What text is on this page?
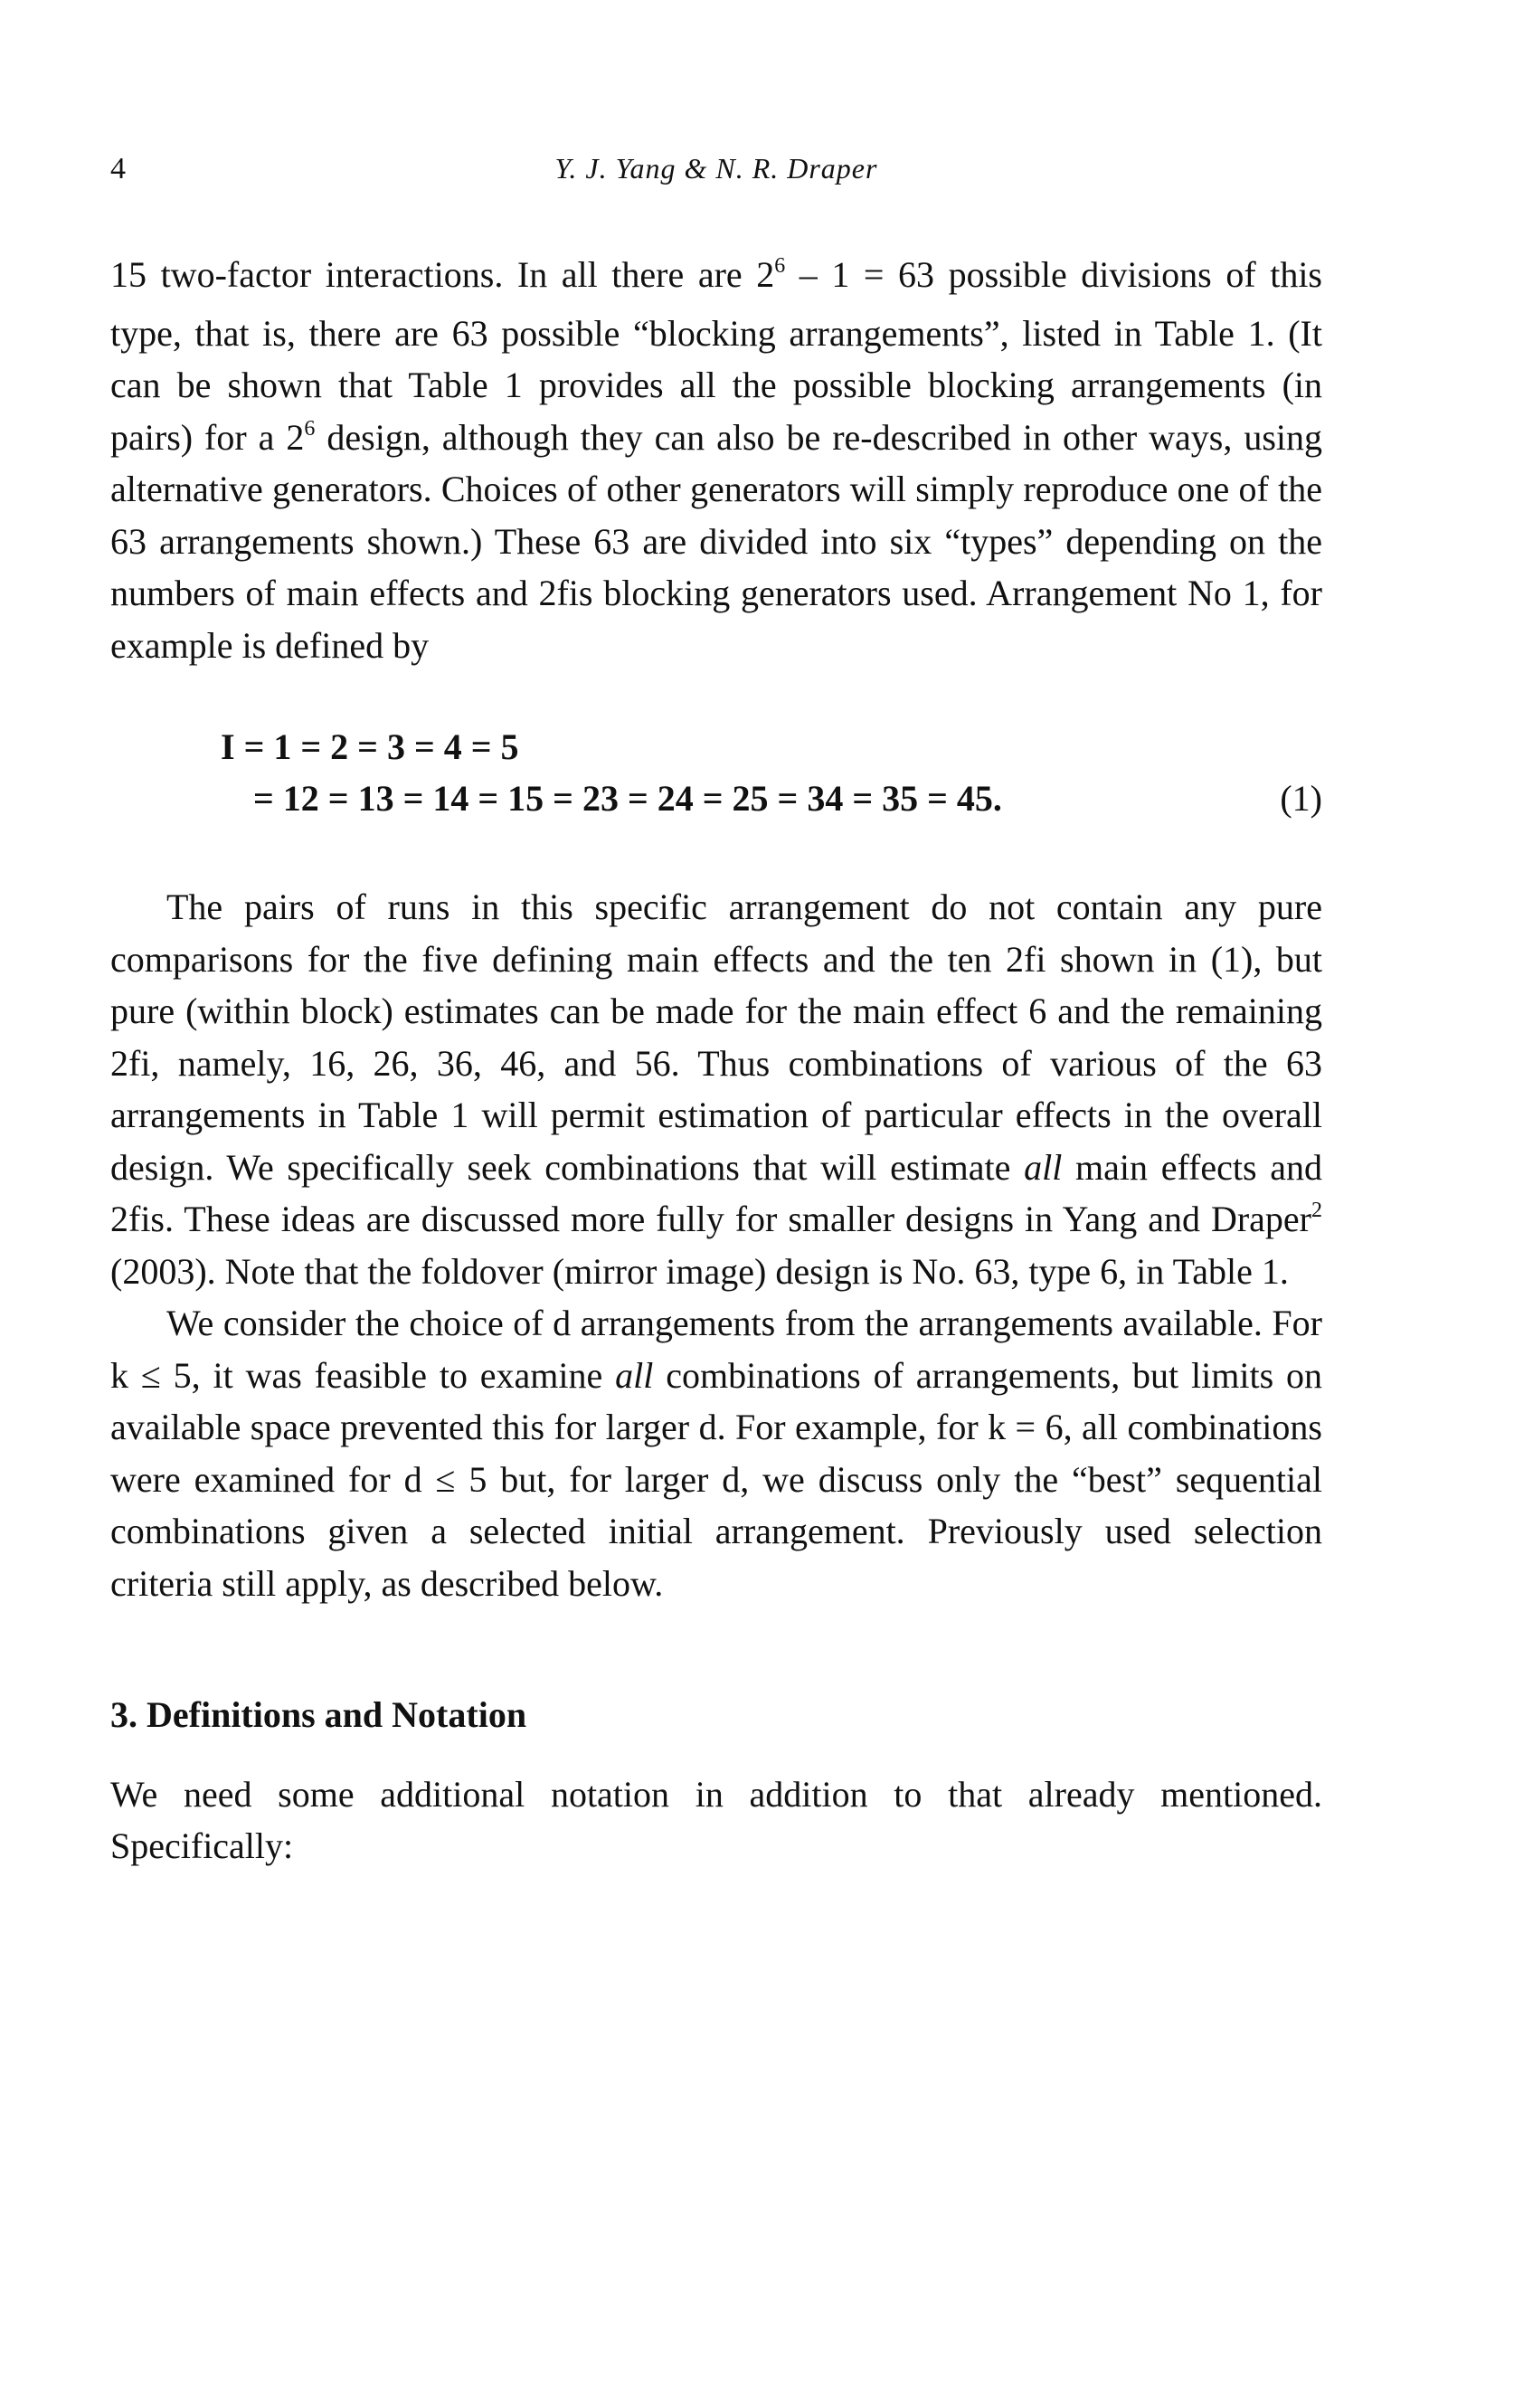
4	Y. J. Yang & N. R. Draper

15 two-factor interactions. In all there are $2^6 - 1 = 63$ possible divisions of this type, that is, there are 63 possible “blocking arrangements”, listed in Table 1. (It can be shown that Table 1 provides all the possible blocking arrangements (in pairs) for a $2^6$ design, although they can also be re-described in other ways, using alternative generators. Choices of other generators will simply reproduce one of the 63 arrangements shown.) These 63 are divided into six “types” depending on the numbers of main effects and 2fis blocking generators used. Arrangement No 1, for example is defined by

I = 1 = 2 = 3 = 4 = 5
= 12 = 13 = 14 = 15 = 23 = 24 = 25 = 34 = 35 = 45.	(1)

The pairs of runs in this specific arrangement do not contain any pure comparisons for the five defining main effects and the ten 2fi shown in (1), but pure (within block) estimates can be made for the main effect 6 and the remaining 2fi, namely, 16, 26, 36, 46, and 56. Thus combinations of various of the 63 arrangements in Table 1 will permit estimation of particular effects in the overall design. We specifically seek combinations that will estimate all main effects and 2fis. These ideas are discussed more fully for smaller designs in Yang and Draper$^2$ (2003). Note that the foldover (mirror image) design is No. 63, type 6, in Table 1.

We consider the choice of d arrangements from the arrangements available. For k ≤ 5, it was feasible to examine all combinations of arrangements, but limits on available space prevented this for larger d. For example, for k = 6, all combinations were examined for d ≤ 5 but, for larger d, we discuss only the “best” sequential combinations given a selected initial arrangement. Previously used selection criteria still apply, as described below.

3. Definitions and Notation

We need some additional notation in addition to that already mentioned. Specifically:
